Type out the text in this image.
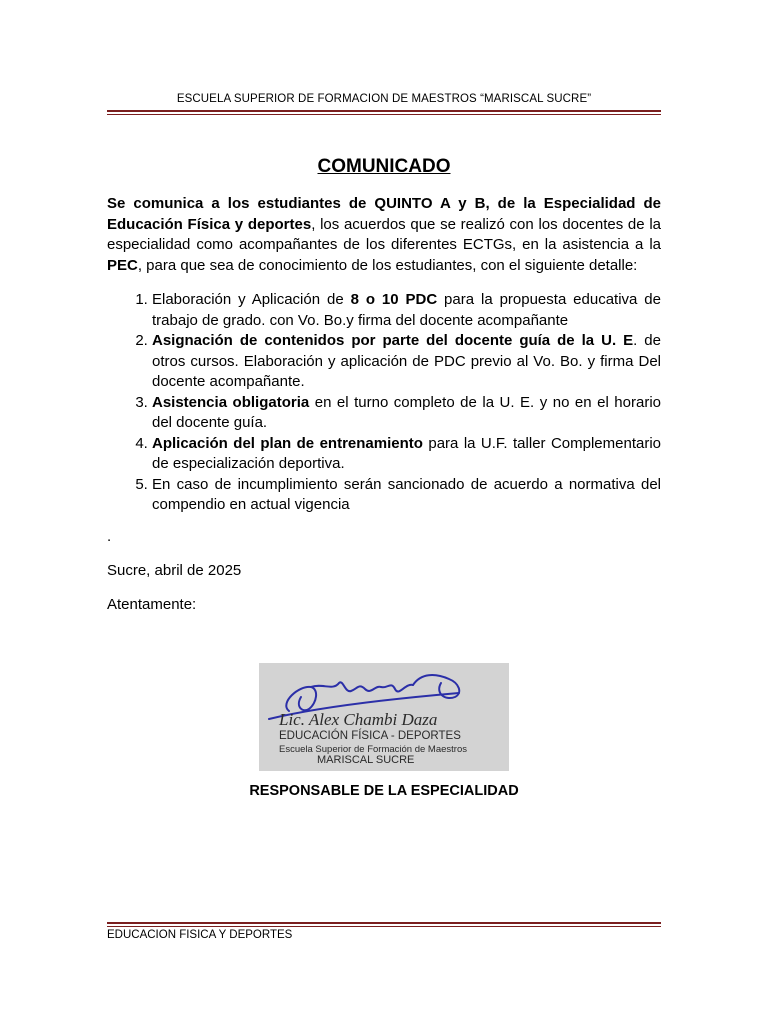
ESCUELA SUPERIOR DE FORMACION DE MAESTROS “MARISCAL SUCRE”
COMUNICADO

Se comunica a los estudiantes de QUINTO A y B, de la Especialidad de Educación Física y deportes, los acuerdos que se realizó con los docentes de la especialidad como acompañantes de los diferentes ECTGs, en la asistencia a la PEC, para que sea de conocimiento de los estudiantes, con el siguiente detalle:

1. Elaboración y Aplicación de 8 o 10 PDC para la propuesta educativa de trabajo de grado. con Vo. Bo.y firma del docente acompañante
2. Asignación de contenidos por parte del docente guía de la U. E. de otros cursos. Elaboración y aplicación de PDC previo al Vo. Bo. y firma Del docente acompañante.
3. Asistencia obligatoria en el turno completo de la U. E. y no en el horario del docente guía.
4. Aplicación del plan de entrenamiento para la U.F. taller Complementario de especialización deportiva.
5. En caso de incumplimiento serán sancionado de acuerdo a normativa del compendio en actual vigencia
.
Sucre, abril de 2025
Atentamente:
Lic. Alex Chambi Daza
EDUCACIÓN FÍSICA - DEPORTES
Escuela Superior de Formación de Maestros
MARISCAL SUCRE
RESPONSABLE DE LA ESPECIALIDAD
EDUCACION FISICA Y DEPORTES
